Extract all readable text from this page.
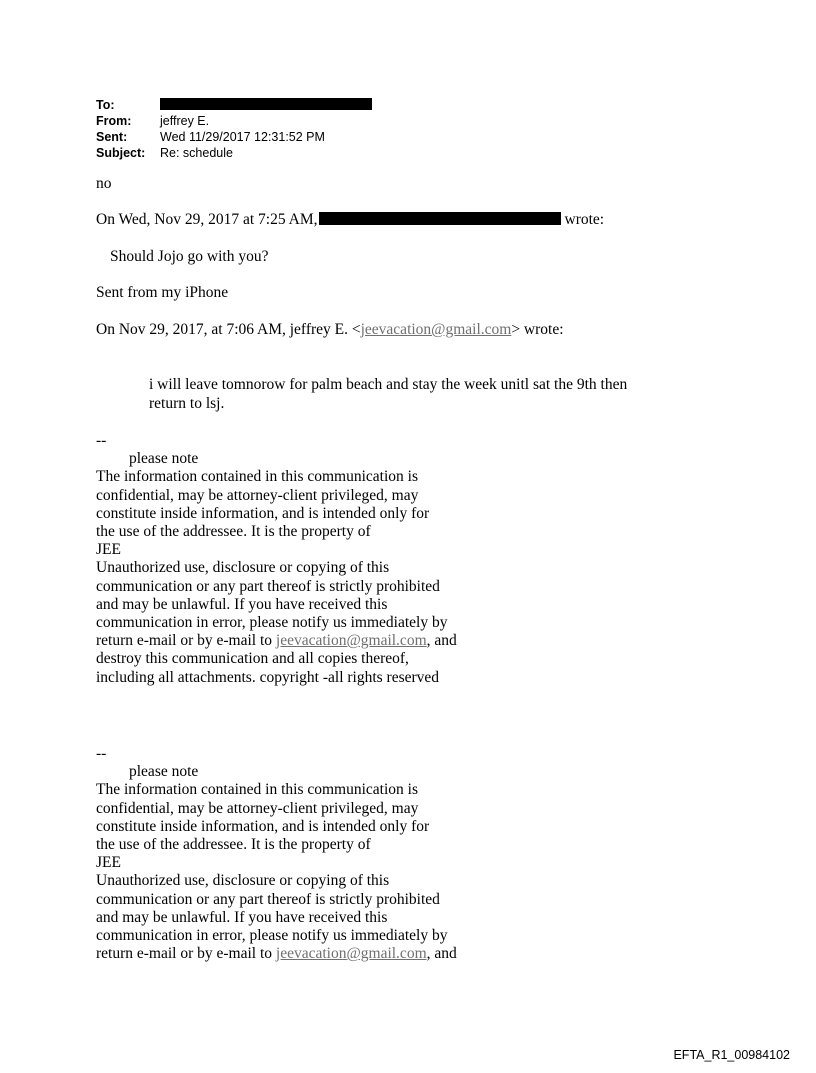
To:
From: jeffrey E.
Sent:	Wed 11/29/2017 12:31:52 PM
Subject: Re: schedule
no
On Wed, Nov 29, 2017 at 7:25 AM,	wrote:
Should Jojo go with you?
Sent from my iPhone
On Nov 29, 2017, at 7:06 AM, jeffrey E. <jeevacation@gmail.com> wrote:
i will leave tomnorow for palm beach and stay the week unitl sat the 9th then
return to lsj.
--
please note
The information contained in this communication is
confidential, may be attorney-client privileged, may
constitute inside information, and is intended only for
the use of the addressee. It is the property of
JEE
Unauthorized use, disclosure or copying of this
communication or any part thereof is strictly prohibited
and may be unlawful. If you have received this
communication in error, please notify us immediately by
return e-mail or by e-mail to jeevacation@gmail.com, and
destroy this communication and all copies thereof,
including all attachments. copyright -all rights reserved
--
please note
The information contained in this communication is
confidential, may be attorney-client privileged, may
constitute inside information, and is intended only for
the use of the addressee. It is the property of
JEE
Unauthorized use, disclosure or copying of this
communication or any part thereof is strictly prohibited
and may be unlawful. If you have received this
communication in error, please notify us immediately by
return e-mail or by e-mail to jeevacation@gmail.com, and
EFTA_R1_00984102
